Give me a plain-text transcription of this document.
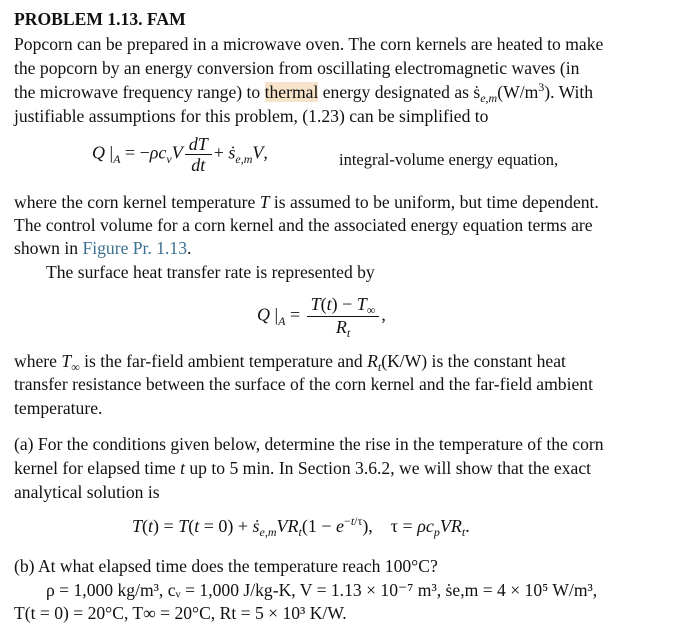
PROBLEM 1.13. FAM
Popcorn can be prepared in a microwave oven. The corn kernels are heated to make
the popcorn by an energy conversion from oscillating electromagnetic waves (in
the microwave frequency range) to thermal energy designated as $ṡ_{e,m}(W/m^3)$. With
justifiable assumptions for this problem, (1.23) can be simplified to
Q $|_A = -\rho c_vV \frac{dT}{dt}$ + ṡ$_{e,m}$V,	integral-volume energy equation,
where the corn kernel temperature T is assumed to be uniform, but time dependent.
The control volume for a corn kernel and the associated energy equation terms are
shown in Figure Pr. 1.13.
The surface heat transfer rate is represented by
Q $|_A = \frac{T(t) - T_\infty}{R_t}$ ,
where $T_\infty$ is the far-field ambient temperature and $R_t(K/W)$ is the constant heat
transfer resistance between the surface of the corn kernel and the far-field ambient
temperature.
(a) For the conditions given below, determine the rise in the temperature of the corn
kernel for elapsed time t up to 5 min. In Section 3.6.2, we will show that the exact
analytical solution is
$T(t) = T(t = 0) + ṡ_{e,m}VR_t(1 - e^{-t/\tau})$,    $\tau = \rho c_pVR_t$.
(b) At what elapsed time does the temperature reach 100°C?
ρ = 1,000 kg/m³, cᵥ = 1,000 J/kg-K, V = 1.13 × 10⁻⁷ m³, ṡe,m = 4 × 10⁵ W/m³,
T(t = 0) = 20°C, T∞ = 20°C, Rt = 5 × 10³ K/W.
